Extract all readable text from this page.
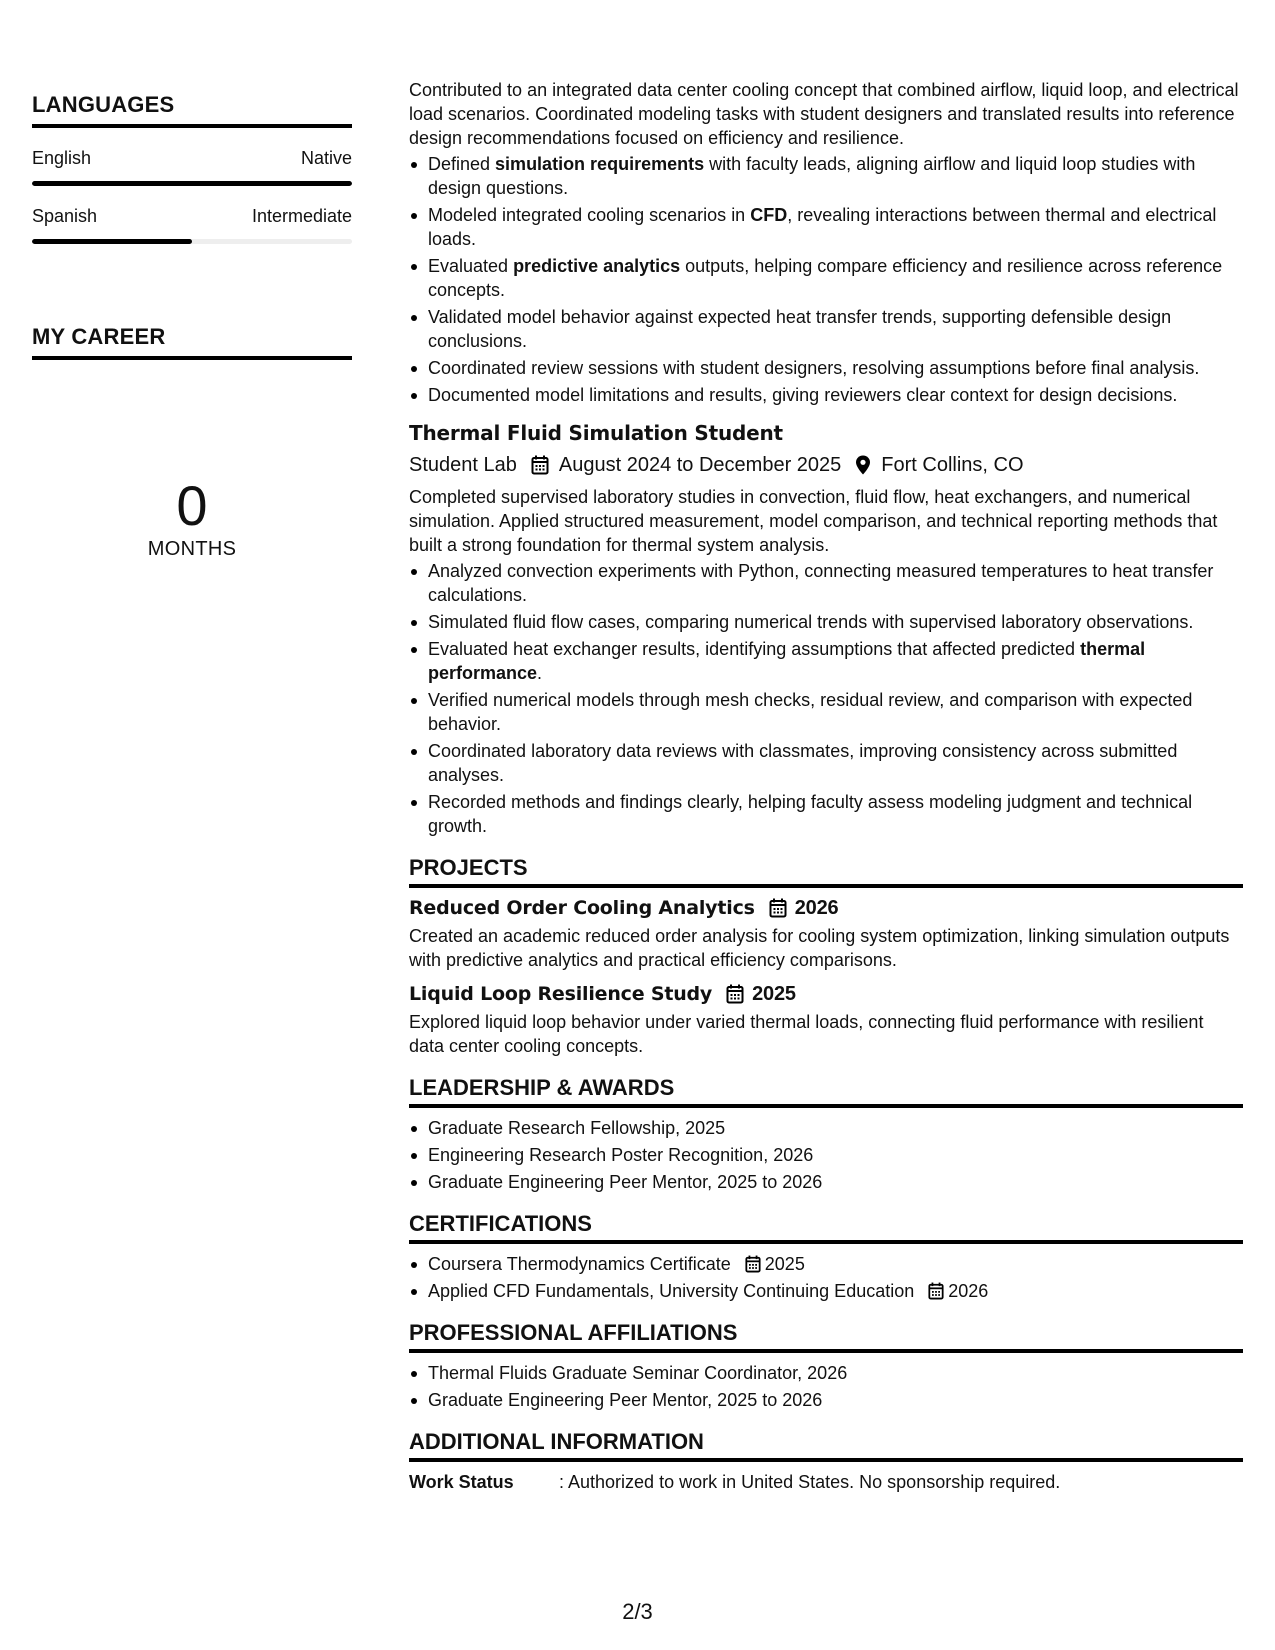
LANGUAGES
English	Native
Spanish	Intermediate
MY CAREER
0
MONTHS

Contributed to an integrated data center cooling concept that combined airflow, liquid loop, and electrical load scenarios. Coordinated modeling tasks with student designers and translated results into reference design recommendations focused on efficiency and resilience.

Defined simulation requirements with faculty leads, aligning airflow and liquid loop studies with design questions.
Modeled integrated cooling scenarios in CFD, revealing interactions between thermal and electrical loads.
Evaluated predictive analytics outputs, helping compare efficiency and resilience across reference concepts.
Validated model behavior against expected heat transfer trends, supporting defensible design conclusions.
Coordinated review sessions with student designers, resolving assumptions before final analysis.
Documented model limitations and results, giving reviewers clear context for design decisions.
Thermal Fluid Simulation Student
Student Lab August 2024 to December 2025 Fort Collins, CO

Completed supervised laboratory studies in convection, fluid flow, heat exchangers, and numerical simulation. Applied structured measurement, model comparison, and technical reporting methods that built a strong foundation for thermal system analysis.

Analyzed convection experiments with Python, connecting measured temperatures to heat transfer calculations.
Simulated fluid flow cases, comparing numerical trends with supervised laboratory observations.
Evaluated heat exchanger results, identifying assumptions that affected predicted thermal performance.
Verified numerical models through mesh checks, residual review, and comparison with expected behavior.
Coordinated laboratory data reviews with classmates, improving consistency across submitted analyses.
Recorded methods and findings clearly, helping faculty assess modeling judgment and technical growth.
PROJECTS
Reduced Order Cooling Analytics 2026

Created an academic reduced order analysis for cooling system optimization, linking simulation outputs with predictive analytics and practical efficiency comparisons.

Liquid Loop Resilience Study 2025

Explored liquid loop behavior under varied thermal loads, connecting fluid performance with resilient data center cooling concepts.

LEADERSHIP & AWARDS
Graduate Research Fellowship, 2025
Engineering Research Poster Recognition, 2026
Graduate Engineering Peer Mentor, 2025 to 2026
CERTIFICATIONS
Coursera Thermodynamics Certificate 2025
Applied CFD Fundamentals, University Continuing Education 2026
PROFESSIONAL AFFILIATIONS
Thermal Fluids Graduate Seminar Coordinator, 2026
Graduate Engineering Peer Mentor, 2025 to 2026
ADDITIONAL INFORMATION
Work Status	: Authorized to work in United States. No sponsorship required.
2/3
